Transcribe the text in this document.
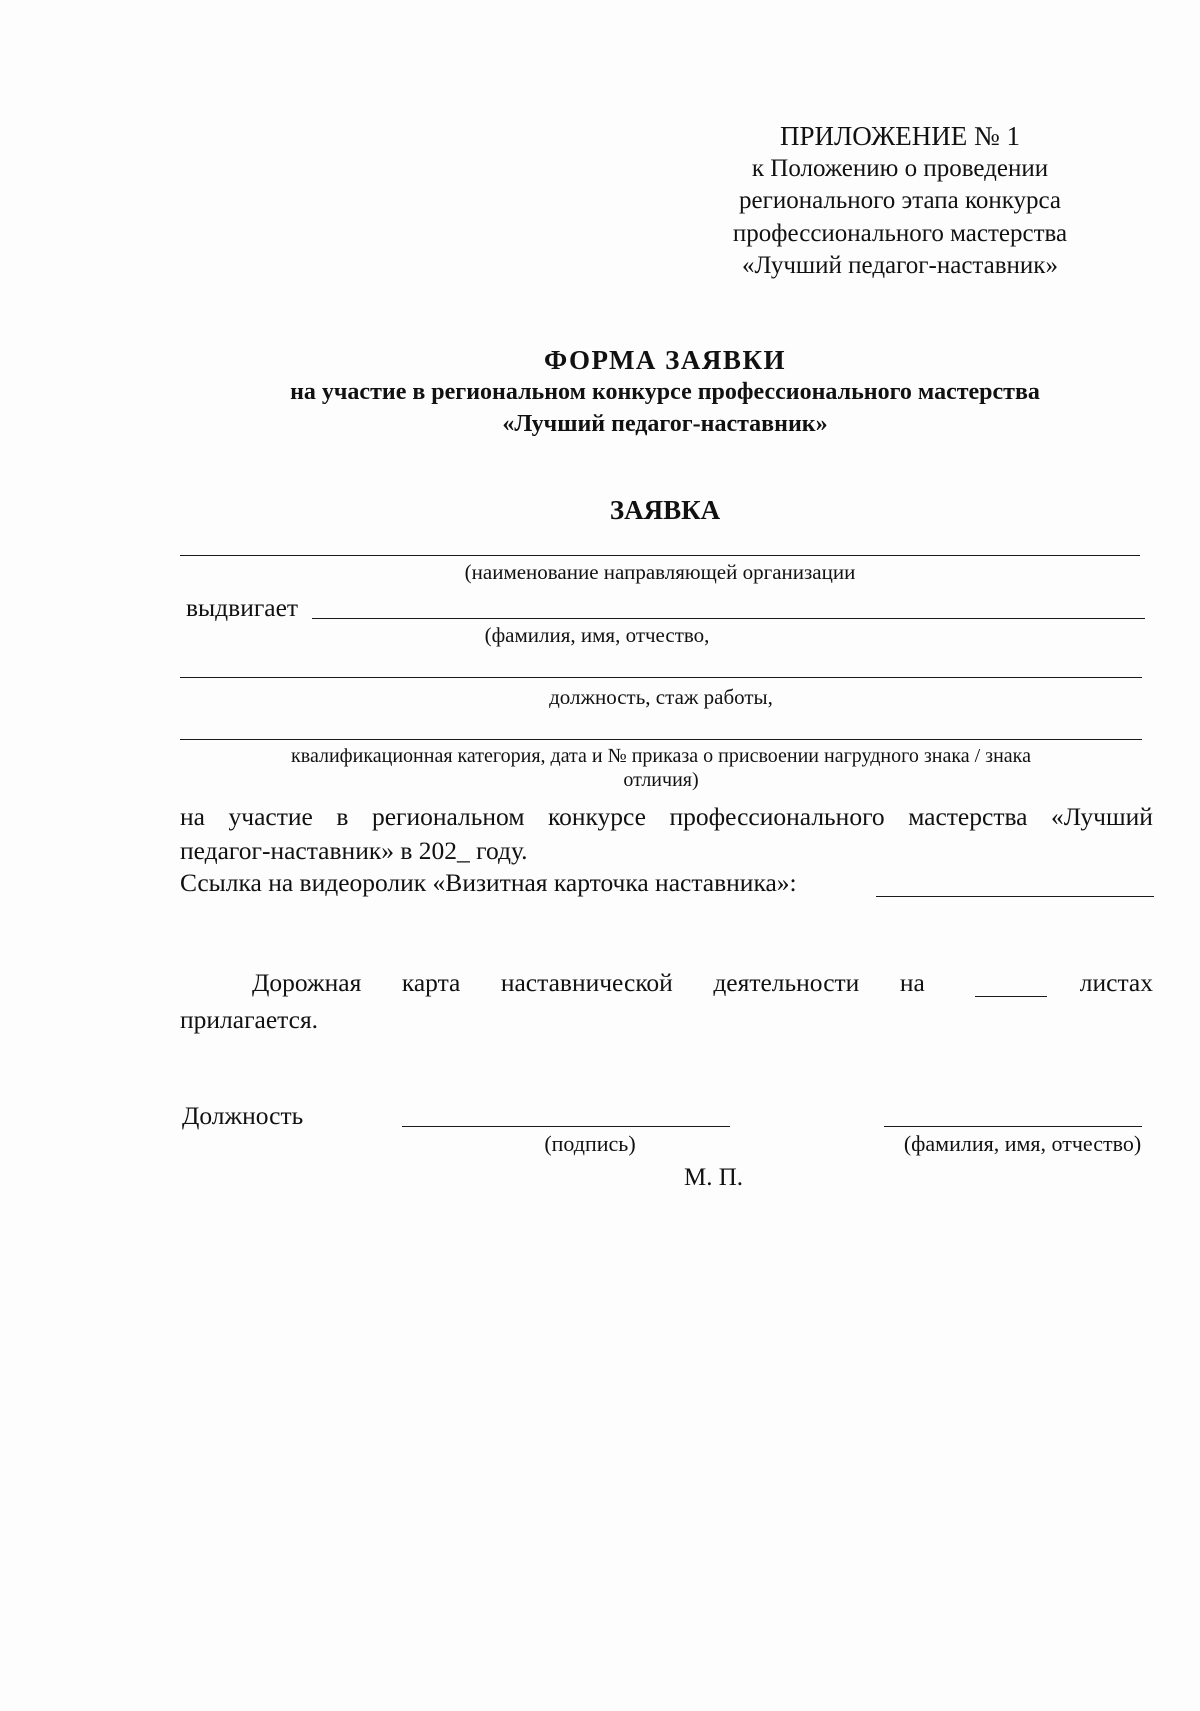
ПРИЛОЖЕНИЕ № 1
к Положению о проведении
регионального этапа конкурса
профессионального мастерства
«Лучший педагог-наставник»
ФОРМА ЗАЯВКИ
на участие в региональном конкурсе профессионального мастерства
«Лучший педагог-наставник»
ЗАЯВКА
(наименование направляющей организации
выдвигает
(фамилия, имя, отчество,
должность, стаж работы,
квалификационная категория, дата и № приказа о присвоении нагрудного знака / знака
отличия)
на участие в региональном конкурсе профессионального мастерства «Лучший
педагог-наставник» в 202_ году.
Ссылка на видеоролик «Визитная карточка наставника»:
Дорожная карта наставнической деятельности на	листах
прилагается.
Должность
(подпись)	(фамилия, имя, отчество)
М. П.
